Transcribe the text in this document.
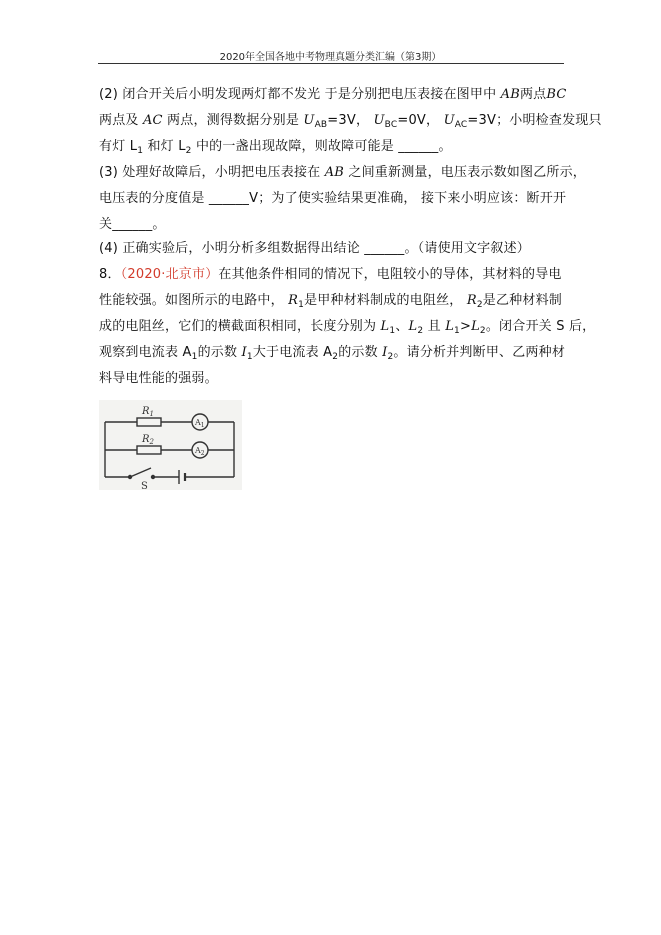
2020年全国各地中考物理真题分类汇编（第3期）
(2) 闭合开关后小明发现两灯都不发光 于是分别把电压表接在图甲中 AB两点BC
两点及 AC 两点，测得数据分别是 $U_{AB}=3V$， $U_{BC}=0V$， $U_{AC}=3V$；小明检查发现只
有灯 $L_1$ 和灯 $L_2$ 中的一盏出现故障，则故障可能是 ______。
(3) 处理好故障后，小明把电压表接在 AB 之间重新测量，电压表示数如图乙所示，
电压表的分度值是 ______V；为了使实验结果更准确， 接下来小明应该：断开开
关______。
(4) 正确实验后，小明分析多组数据得出结论 ______。（请使用文字叙述）
8．（2020·北京市）在其他条件相同的情况下，电阻较小的导体，其材料的导电
性能较强。如图所示的电路中， $R_1$是甲种材料制成的电阻丝， $R_2$是乙种材料制
成的电阻丝，它们的横截面积相同，长度分别为 $L_1$、$L_2$ 且 $L_1>L_2$。闭合开关 S 后，
观察到电流表 $A_1$的示数 $I_1$大于电流表 $A_2$的示数 $I_2$。请分析并判断甲、乙两种材
料导电性能的强弱。
$R_1$
$R_2$
$A_1$
$A_2$
S
